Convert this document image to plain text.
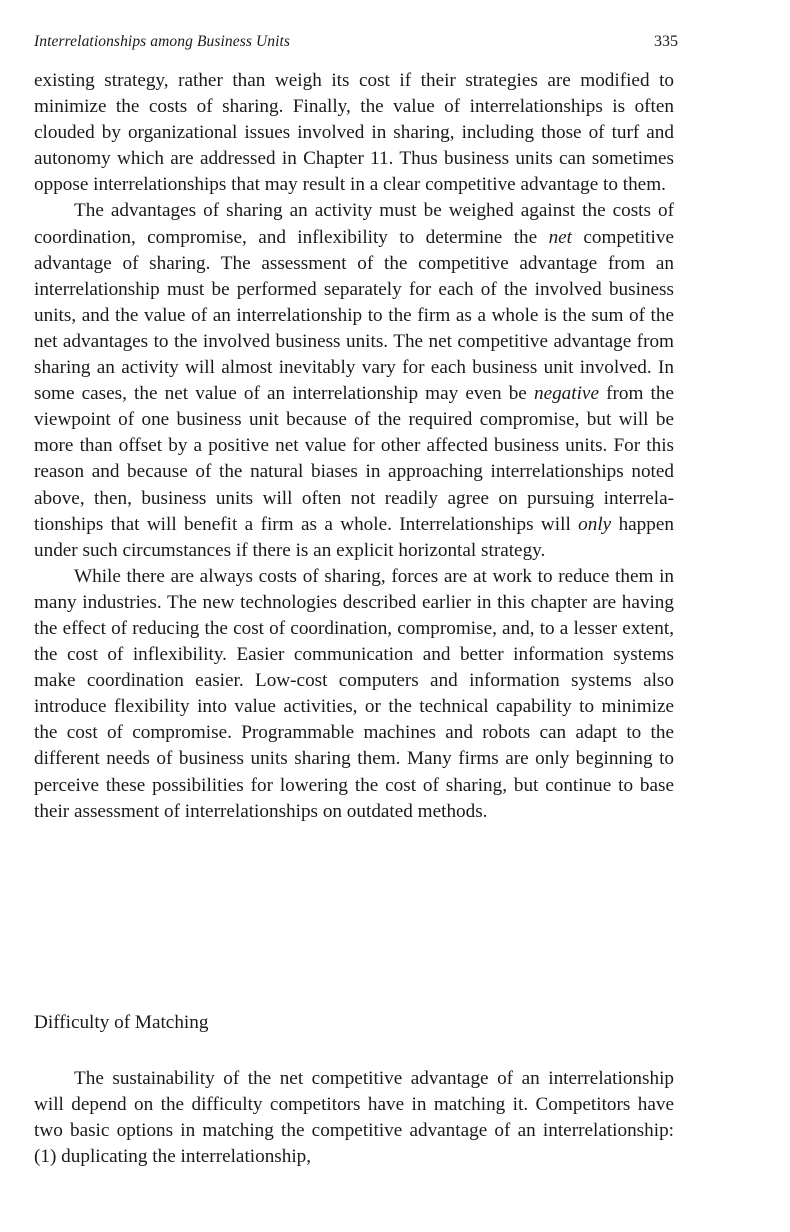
Interrelationships among Business Units	335

existing strategy, rather than weigh its cost if their strategies are modified to minimize the costs of sharing. Finally, the value of interrelationships is often clouded by organizational issues involved in sharing, including those of turf and autonomy which are addressed in Chapter 11. Thus business units can sometimes oppose interrelationships that may result in a clear competitive advantage to them.

The advantages of sharing an activity must be weighed against the costs of coordination, compromise, and inflexibility to determine the net competitive advantage of sharing. The assessment of the competitive advantage from an interrelationship must be performed separately for each of the involved business units, and the value of an interrelationship to the firm as a whole is the sum of the net advantages to the involved business units. The net competitive advantage from sharing an activity will almost inevitably vary for each business unit involved. In some cases, the net value of an interrelationship may even be negative from the viewpoint of one business unit because of the required compromise, but will be more than offset by a positive net value for other affected business units. For this reason and because of the natural biases in approaching interrelationships noted above, then, business units will often not readily agree on pursuing interrelationships that will benefit a firm as a whole. Interrelationships will only happen under such circumstances if there is an explicit horizontal strategy.

While there are always costs of sharing, forces are at work to reduce them in many industries. The new technologies described earlier in this chapter are having the effect of reducing the cost of coordination, compromise, and, to a lesser extent, the cost of inflexibility. Easier communication and better information systems make coordination easier. Low-cost computers and information systems also introduce flexibility into value activities, or the technical capability to minimize the cost of compromise. Programmable machines and robots can adapt to the different needs of business units sharing them. Many firms are only beginning to perceive these possibilities for lowering the cost of sharing, but continue to base their assessment of interrelationships on outdated methods.

Difficulty of Matching

The sustainability of the net competitive advantage of an interrelationship will depend on the difficulty competitors have in matching it. Competitors have two basic options in matching the competitive advantage of an interrelationship: (1) duplicating the interrelationship,
